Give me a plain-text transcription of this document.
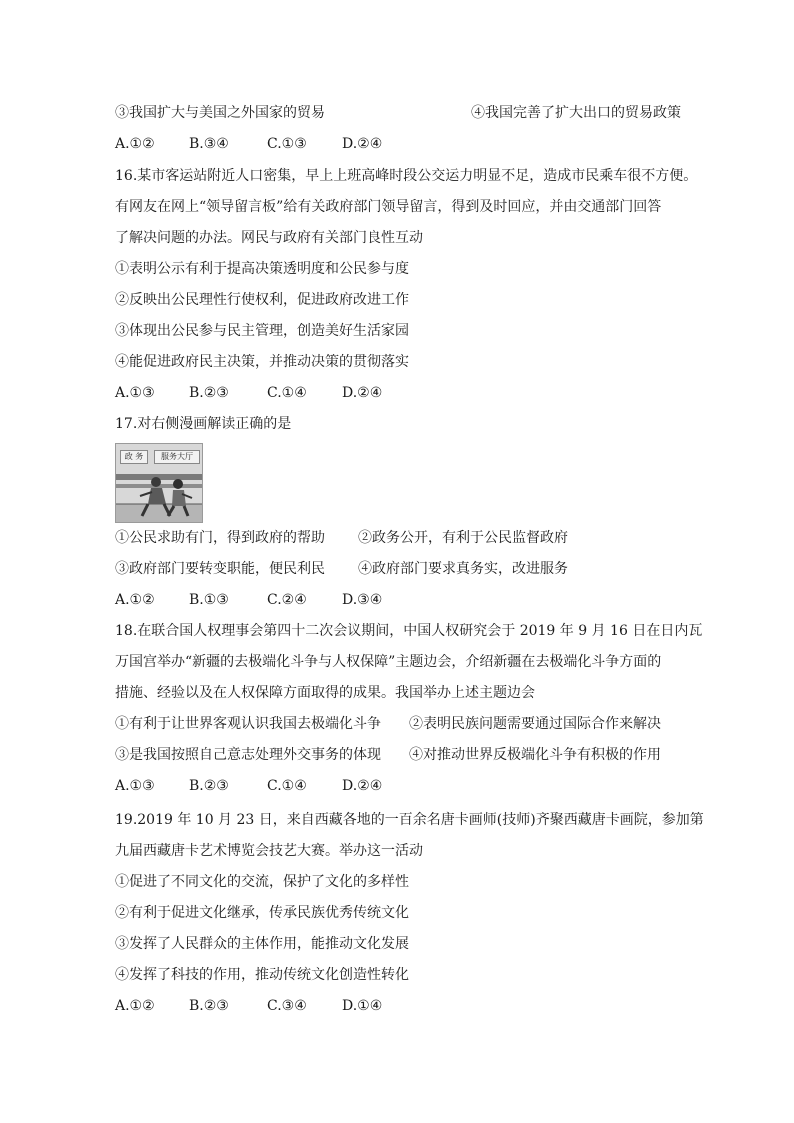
③我国扩大与美国之外国家的贸易	④我国完善了扩大出口的贸易政策
A.①② B.③④	C.①③	D.②④
16.某市客运站附近人口密集，早上上班高峰时段公交运力明显不足，造成市民乘车很不方便。
有网友在网上“领导留言板”给有关政府部门领导留言，得到及时回应，并由交通部门回答
了解决问题的办法。网民与政府有关部门良性互动
①表明公示有利于提高决策透明度和公民参与度
②反映出公民理性行使权利，促进政府改进工作
③体现出公民参与民主管理，创造美好生活家园
④能促进政府民主决策，并推动决策的贯彻落实
A.①③ B.②③	C.①④	D.②④
17.对右侧漫画解读正确的是
政 务	服务大厅
①公民求助有门，得到政府的帮助 ②政务公开，有利于公民监督政府
③政府部门要转变职能，便民利民 ④政府部门要求真务实，改进服务
A.①② B.①③	C.②④	D.③④
18.在联合国人权理事会第四十二次会议期间，中国人权研究会于 2019 年 9 月 16 日在日内瓦
万国宫举办“新疆的去极端化斗争与人权保障”主题边会，介绍新疆在去极端化斗争方面的
措施、经验以及在人权保障方面取得的成果。我国举办上述主题边会
①有利于让世界客观认识我国去极端化斗争 ②表明民族问题需要通过国际合作来解决
③是我国按照自己意志处理外交事务的体现 ④对推动世界反极端化斗争有积极的作用
A.①③ B.②③	C.①④	D.②④
19.2019 年 10 月 23 日，来自西藏各地的一百余名唐卡画师(技师)齐聚西藏唐卡画院，参加第
九届西藏唐卡艺术博览会技艺大赛。举办这一活动
①促进了不同文化的交流，保护了文化的多样性
②有利于促进文化继承，传承民族优秀传统文化
③发挥了人民群众的主体作用，能推动文化发展
④发挥了科技的作用，推动传统文化创造性转化
A.①② B.②③	C.③④	D.①④
